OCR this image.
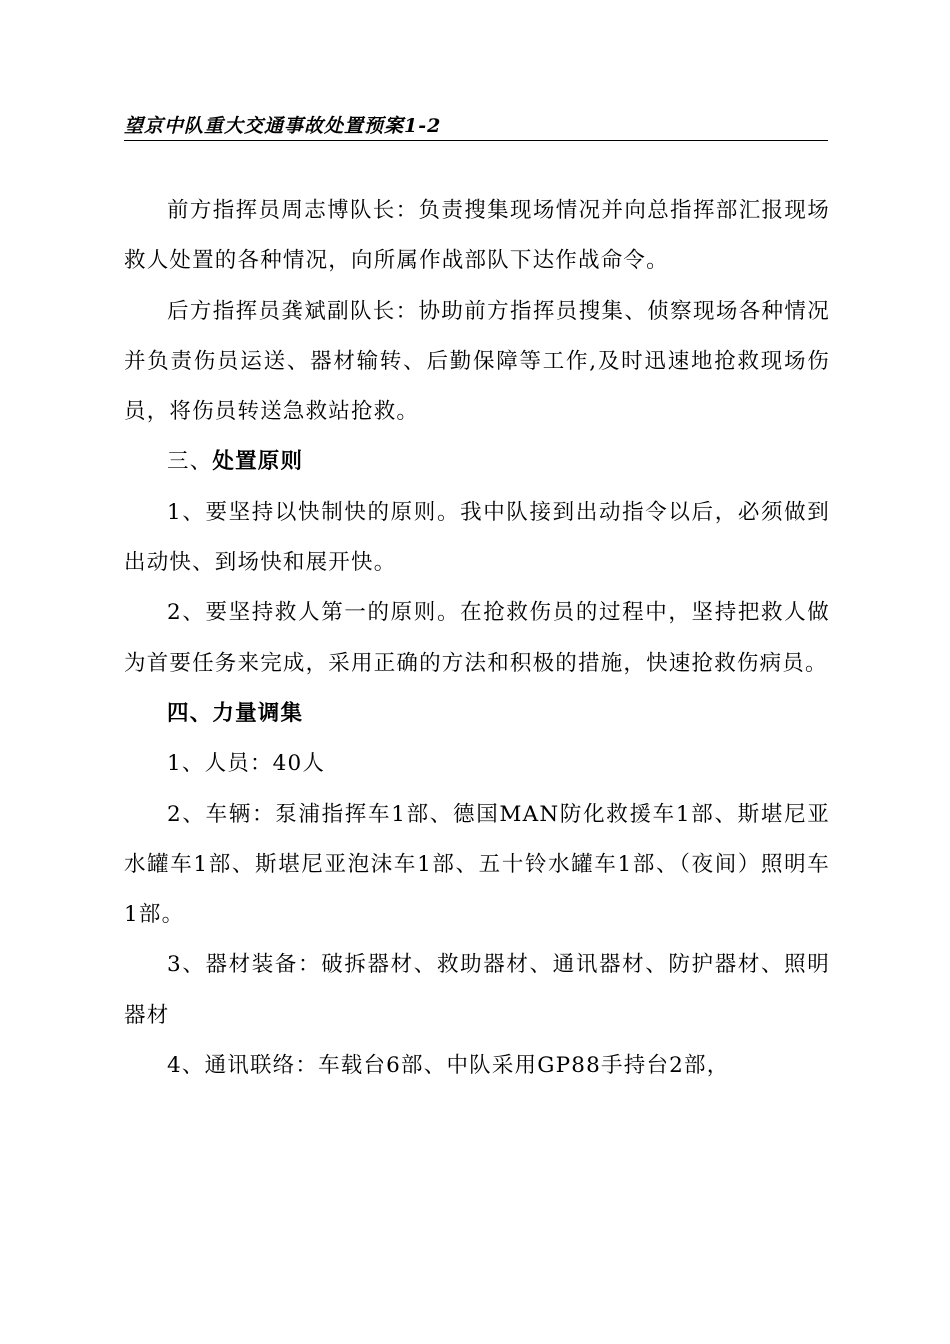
望京中队重大交通事故处置预案1-2

前方指挥员周志博队长：负责搜集现场情况并向总指挥部汇报现场救人处置的各种情况，向所属作战部队下达作战命令。

后方指挥员龚斌副队长：协助前方指挥员搜集、侦察现场各种情况并负责伤员运送、器材输转、后勤保障等工作,及时迅速地抢救现场伤员，将伤员转送急救站抢救。

三、处置原则

1、要坚持以快制快的原则。我中队接到出动指令以后，必须做到出动快、到场快和展开快。

2、要坚持救人第一的原则。在抢救伤员的过程中，坚持把救人做为首要任务来完成，采用正确的方法和积极的措施，快速抢救伤病员。

四、力量调集

1、人员：40人

2、车辆：泵浦指挥车1部、德国MAN防化救援车1部、斯堪尼亚水罐车1部、斯堪尼亚泡沫车1部、五十铃水罐车1部、（夜间）照明车1部。

3、器材装备：破拆器材、救助器材、通讯器材、防护器材、照明器材

4、通讯联络：车载台6部、中队采用GP88手持台2部，
